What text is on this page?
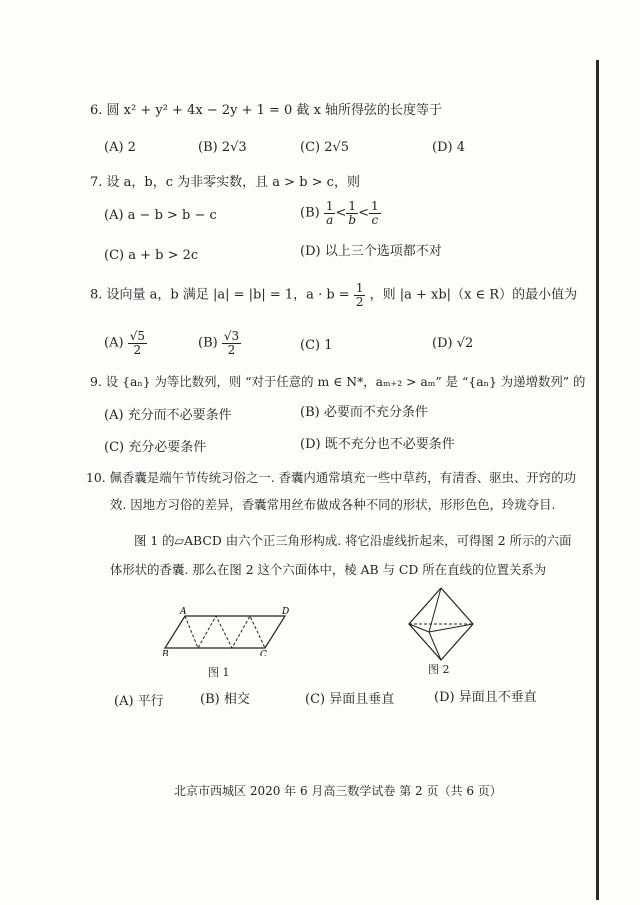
6. 圆 x² + y² + 4x − 2y + 1 = 0 截 x 轴所得弦的长度等于
(A) 2	(B) 2√3	(C) 2√5	(D) 4
7. 设 a，b，c 为非零实数，且 a > b > c，则
(A) a − b > b − c	$(B) \frac{1}{a} < \frac{1}{b} < \frac{1}{c}$
(C) a + b > 2c	(D) 以上三个选项都不对
8. 设向量 a，b 满足 |a| = |b| = 1，$a \cdot b = \frac{1}{2}$ ，则 |a + xb|（x ∈ R）的最小值为
$(A) \frac{√5}{2}$	$(B) \frac{√3}{2}$	(C) 1	(D) √2
9. 设 {aₙ} 为等比数列，则 “对于任意的 m ∈ N*，aₘ₊₂ > aₘ” 是 “{aₙ} 为递增数列” 的
(A) 充分而不必要条件	(B) 必要而不充分条件
(C) 充分必要条件	(D) 既不充分也不必要条件
10. 佩香囊是端午节传统习俗之一. 香囊内通常填充一些中草药，有清香、驱虫、开窍的功
效. 因地方习俗的差异，香囊常用丝布做成各种不同的形状，形形色色，玲珑夺目.
图 1 的▱ABCD 由六个正三角形构成. 将它沿虚线折起来，可得图 2 所示的六面
体形状的香囊. 那么在图 2 这个六面体中，棱 AB 与 CD 所在直线的位置关系为
A	D
B	C
图 1	图 2
(A) 平行	(B) 相交	(C) 异面且垂直	(D) 异面且不垂直
北京市西城区 2020 年 6 月高三数学试卷 第 2 页（共 6 页）
